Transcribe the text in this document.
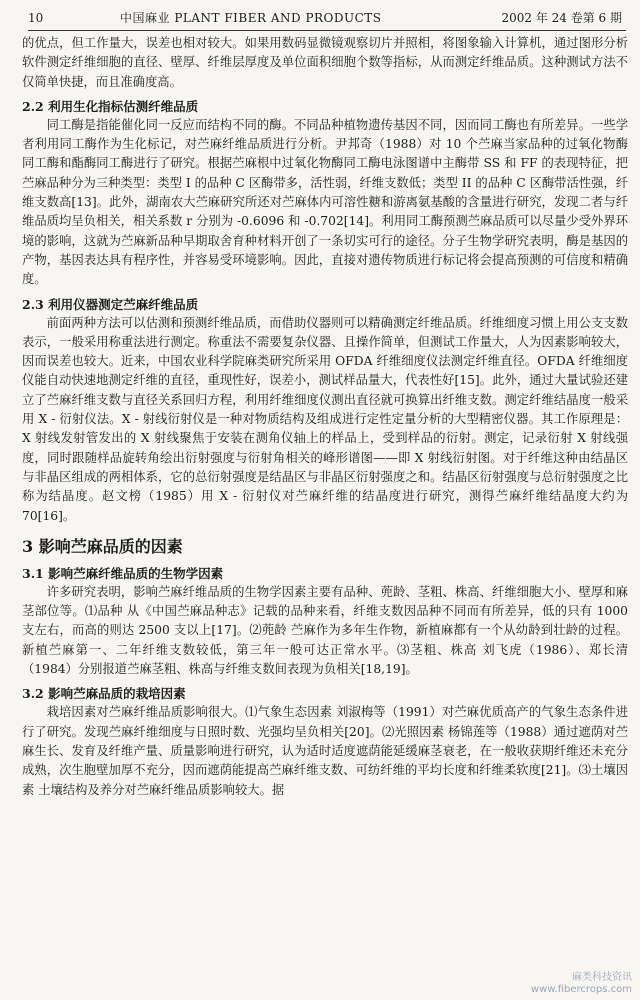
10	中国麻业 PLANT FIBER AND PRODUCTS	2002 年 24 卷第 6 期

的优点，但工作量大，误差也相对较大。如果用数码显微镜观察切片并照相，将图象输入计算机，通过图形分析软件测定纤维细胞的直径、壁厚、纤维层厚度及单位面积细胞个数等指标，从而测定纤维品质。这种测试方法不仅简单快捷，而且准确度高。

2.2 利用生化指标估测纤维品质

同工酶是指能催化同一反应而结构不同的酶。不同品种植物遗传基因不同，因而同工酶也有所差异。一些学者利用同工酶作为生化标记，对苎麻纤维品质进行分析。尹邦奇（1988）对 10 个苎麻当家品种的过氧化物酶同工酶和酯酶同工酶进行了研究。根据苎麻根中过氧化物酶同工酶电泳图谱中主酶带 SS 和 FF 的表现特征，把苎麻品种分为三种类型：类型 I 的品种 C 区酶带多，活性弱，纤维支数低；类型 II 的品种 C 区酶带活性强，纤维支数高[13]。此外，湖南农大苎麻研究所还对苎麻体内可溶性糖和游离氨基酸的含量进行研究，发现二者与纤维品质均呈负相关，相关系数 r 分别为 -0.6096 和 -0.702[14]。利用同工酶预测苎麻品质可以尽量少受外界环境的影响，这就为苎麻新品种早期取舍育种材料开创了一条切实可行的途径。分子生物学研究表明，酶是基因的产物，基因表达具有程序性，并容易受环境影响。因此，直接对遗传物质进行标记将会提高预测的可信度和精确度。

2.3 利用仪器测定苎麻纤维品质

前面两种方法可以估测和预测纤维品质，而借助仪器则可以精确测定纤维品质。纤维细度习惯上用公支支数表示，一般采用称重法进行测定。称重法不需要复杂仪器、且操作简单，但测试工作量大，人为因素影响较大，因而误差也较大。近来，中国农业科学院麻类研究所采用 OFDA 纤维细度仪法测定纤维直径。OFDA 纤维细度仪能自动快速地测定纤维的直径，重现性好，误差小，测试样品量大，代表性好[15]。此外，通过大量试验还建立了苎麻纤维支数与直径关系回归方程，利用纤维细度仪测出直径就可换算出纤维支数。测定纤维结晶度一般采用 X - 衍射仪法。X - 射线衍射仪是一种对物质结构及组成进行定性定量分析的大型精密仪器。其工作原理是：X 射线发射管发出的 X 射线聚焦于安装在测角仪轴上的样品上，受到样品的衍射。测定，记录衍射 X 射线强度，同时跟随样品旋转角绘出衍射强度与衍射角相关的峰形谱图——即 X 射线衍射图。对于纤维这种由结晶区与非晶区组成的两相体系，它的总衍射强度是结晶区与非晶区衍射强度之和。结晶区衍射强度与总衍射强度之比称为结晶度。赵文榜（1985）用 X - 衍射仪对苎麻纤维的结晶度进行研究，测得苎麻纤维结晶度大约为 70[16]。

3 影响苎麻品质的因素
3.1 影响苎麻纤维品质的生物学因素

许多研究表明，影响苎麻纤维品质的生物学因素主要有品种、蔸龄、茎粗、株高、纤维细胞大小、壁厚和麻茎部位等。⑴品种 从《中国苎麻品种志》记载的品种来看，纤维支数因品种不同而有所差异，低的只有 1000 支左右，而高的则达 2500 支以上[17]。⑵蔸龄 苎麻作为多年生作物，新植麻都有一个从幼龄到壮龄的过程。新植苎麻第一、二年纤维支数较低，第三年一般可达正常水平。⑶茎粗、株高 刘飞虎（1986）、郑长清（1984）分别报道苎麻茎粗、株高与纤维支数间表现为负相关[18,19]。

3.2 影响苎麻品质的栽培因素

栽培因素对苎麻纤维品质影响很大。⑴气象生态因素 刘淑梅等（1991）对苎麻优质高产的气象生态条件进行了研究。发现苎麻纤维细度与日照时数、光强均呈负相关[20]。⑵光照因素 杨锦莲等（1988）通过遮荫对苎麻生长、发育及纤维产量、质量影响进行研究，认为适时适度遮荫能延缓麻茎衰老，在一般收获期纤维还未充分成熟，次生胞壁加厚不充分，因而遮荫能提高苎麻纤维支数、可纺纤维的平均长度和纤维柔软度[21]。⑶土壤因素 土壤结构及养分对苎麻纤维品质影响较大。据

麻类科技资讯
www.fibercrops.com
